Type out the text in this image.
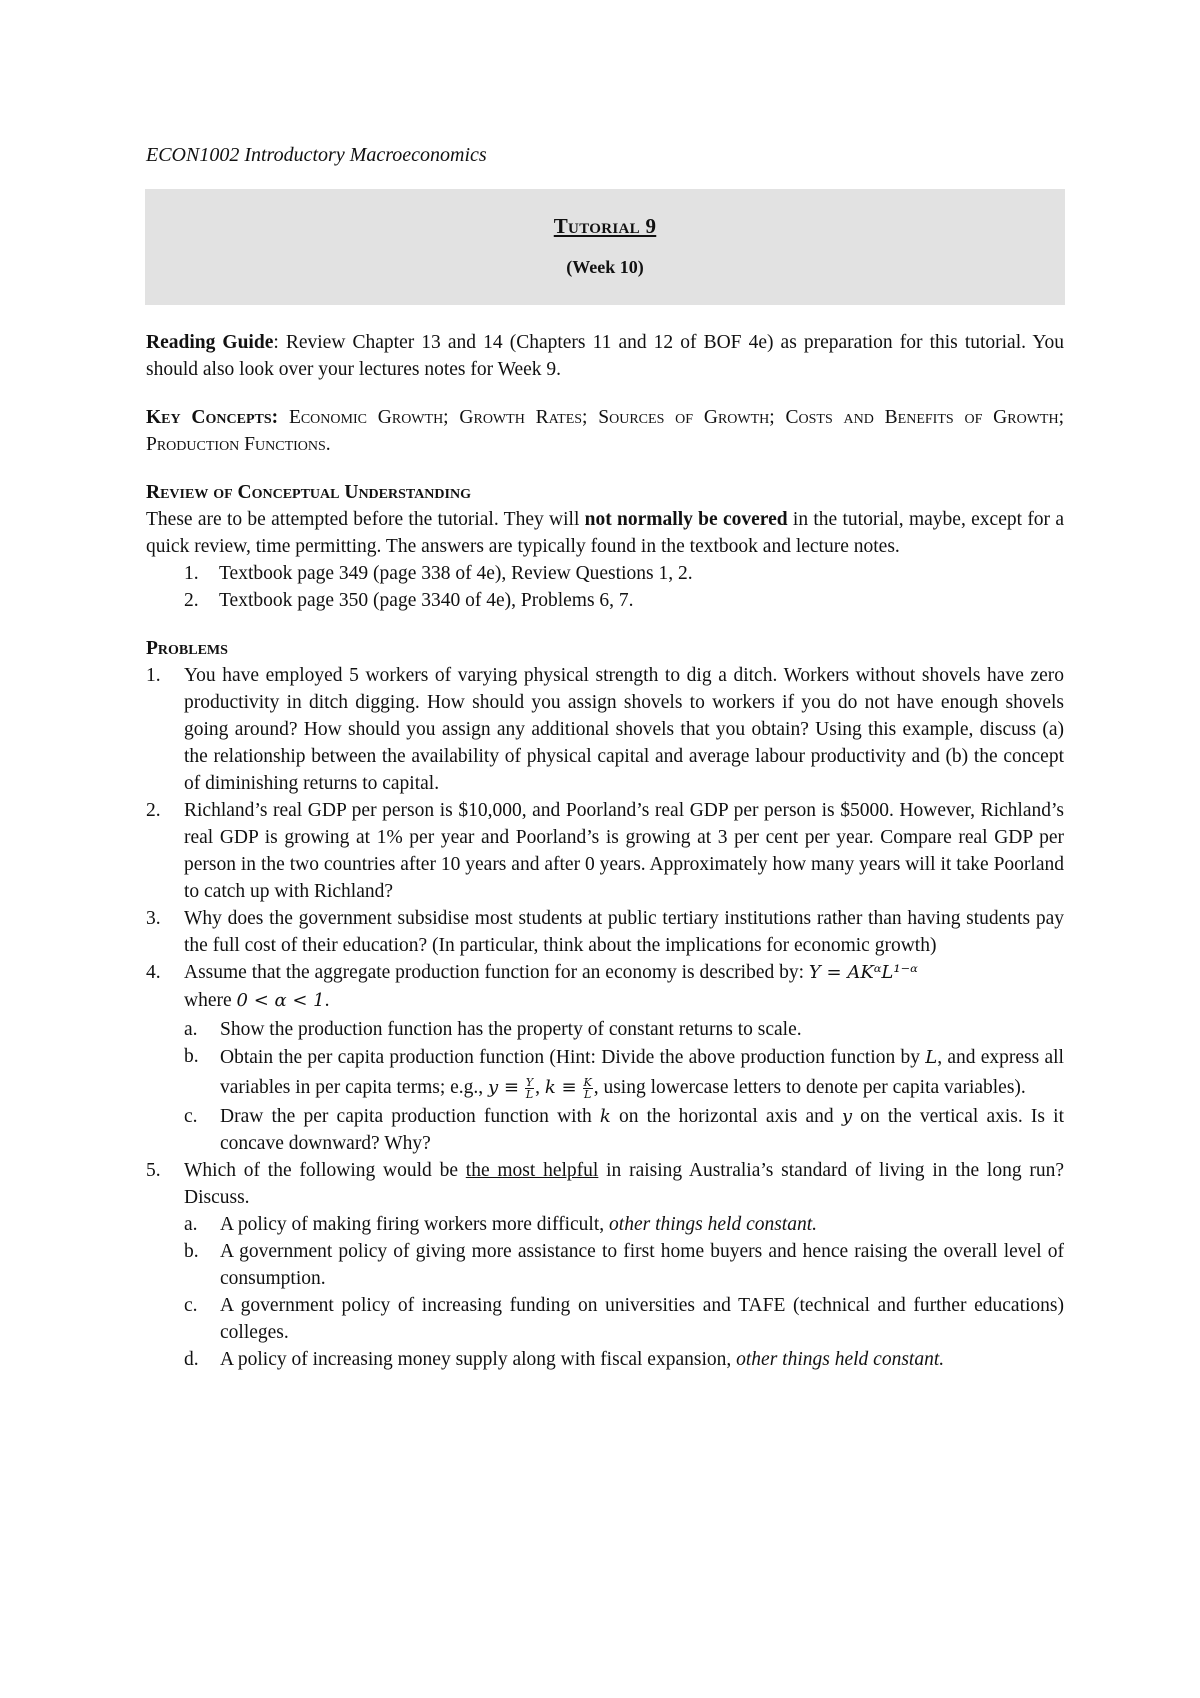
ECON1002 Introductory Macroeconomics
Tutorial 9
(Week 10)

Reading Guide: Review Chapter 13 and 14 (Chapters 11 and 12 of BOF 4e) as preparation for this tutorial. You should also look over your lectures notes for Week 9.

Key Concepts: Economic Growth; Growth Rates; Sources of Growth; Costs and Benefits of Growth; Production Functions.

Review of Conceptual Understanding

These are to be attempted before the tutorial. They will not normally be covered in the tutorial, maybe, except for a quick review, time permitting. The answers are typically found in the textbook and lecture notes.

1.	Textbook page 349 (page 338 of 4e), Review Questions 1, 2.
2.	Textbook page 350 (page 3340 of 4e), Problems 6, 7.
Problems
1.	You have employed 5 workers of varying physical strength to dig a ditch. Workers without shovels have zero productivity in ditch digging. How should you assign shovels to workers if you do not have enough shovels going around? How should you assign any additional shovels that you obtain? Using this example, discuss (a) the relationship between the availability of physical capital and average labour productivity and (b) the concept of diminishing returns to capital.
2.	Richland’s real GDP per person is $10,000, and Poorland’s real GDP per person is $5000. However, Richland’s real GDP is growing at 1% per year and Poorland’s is growing at 3 per cent per year. Compare real GDP per person in the two countries after 10 years and after 0 years. Approximately how many years will it take Poorland to catch up with Richland?
3.	Why does the government subsidise most students at public tertiary institutions rather than having students pay the full cost of their education? (In particular, think about the implications for economic growth)
4.	Assume that the aggregate production function for an economy is described by: Y = AKᵅL¹⁻ᵅ

where 0 < α < 1.

a.	Show the production function has the property of constant returns to scale.
b.	Obtain the per capita production function (Hint: Divide the above production function by L, and express all variables in per capita terms; e.g., $y \equiv \frac{Y}{L}$ , $k \equiv \frac{K}{L}$ , using lowercase letters to denote per capita variables).
c.	Draw the per capita production function with k on the horizontal axis and y on the vertical axis. Is it concave downward? Why?
5.	Which of the following would be the most helpful in raising Australia’s standard of living in the long run? Discuss.

a.	A policy of making firing workers more difficult, other things held constant.
b.	A government policy of giving more assistance to first home buyers and hence raising the overall level of consumption.
c.	A government policy of increasing funding on universities and TAFE (technical and further educations) colleges.
d.	A policy of increasing money supply along with fiscal expansion, other things held constant.
